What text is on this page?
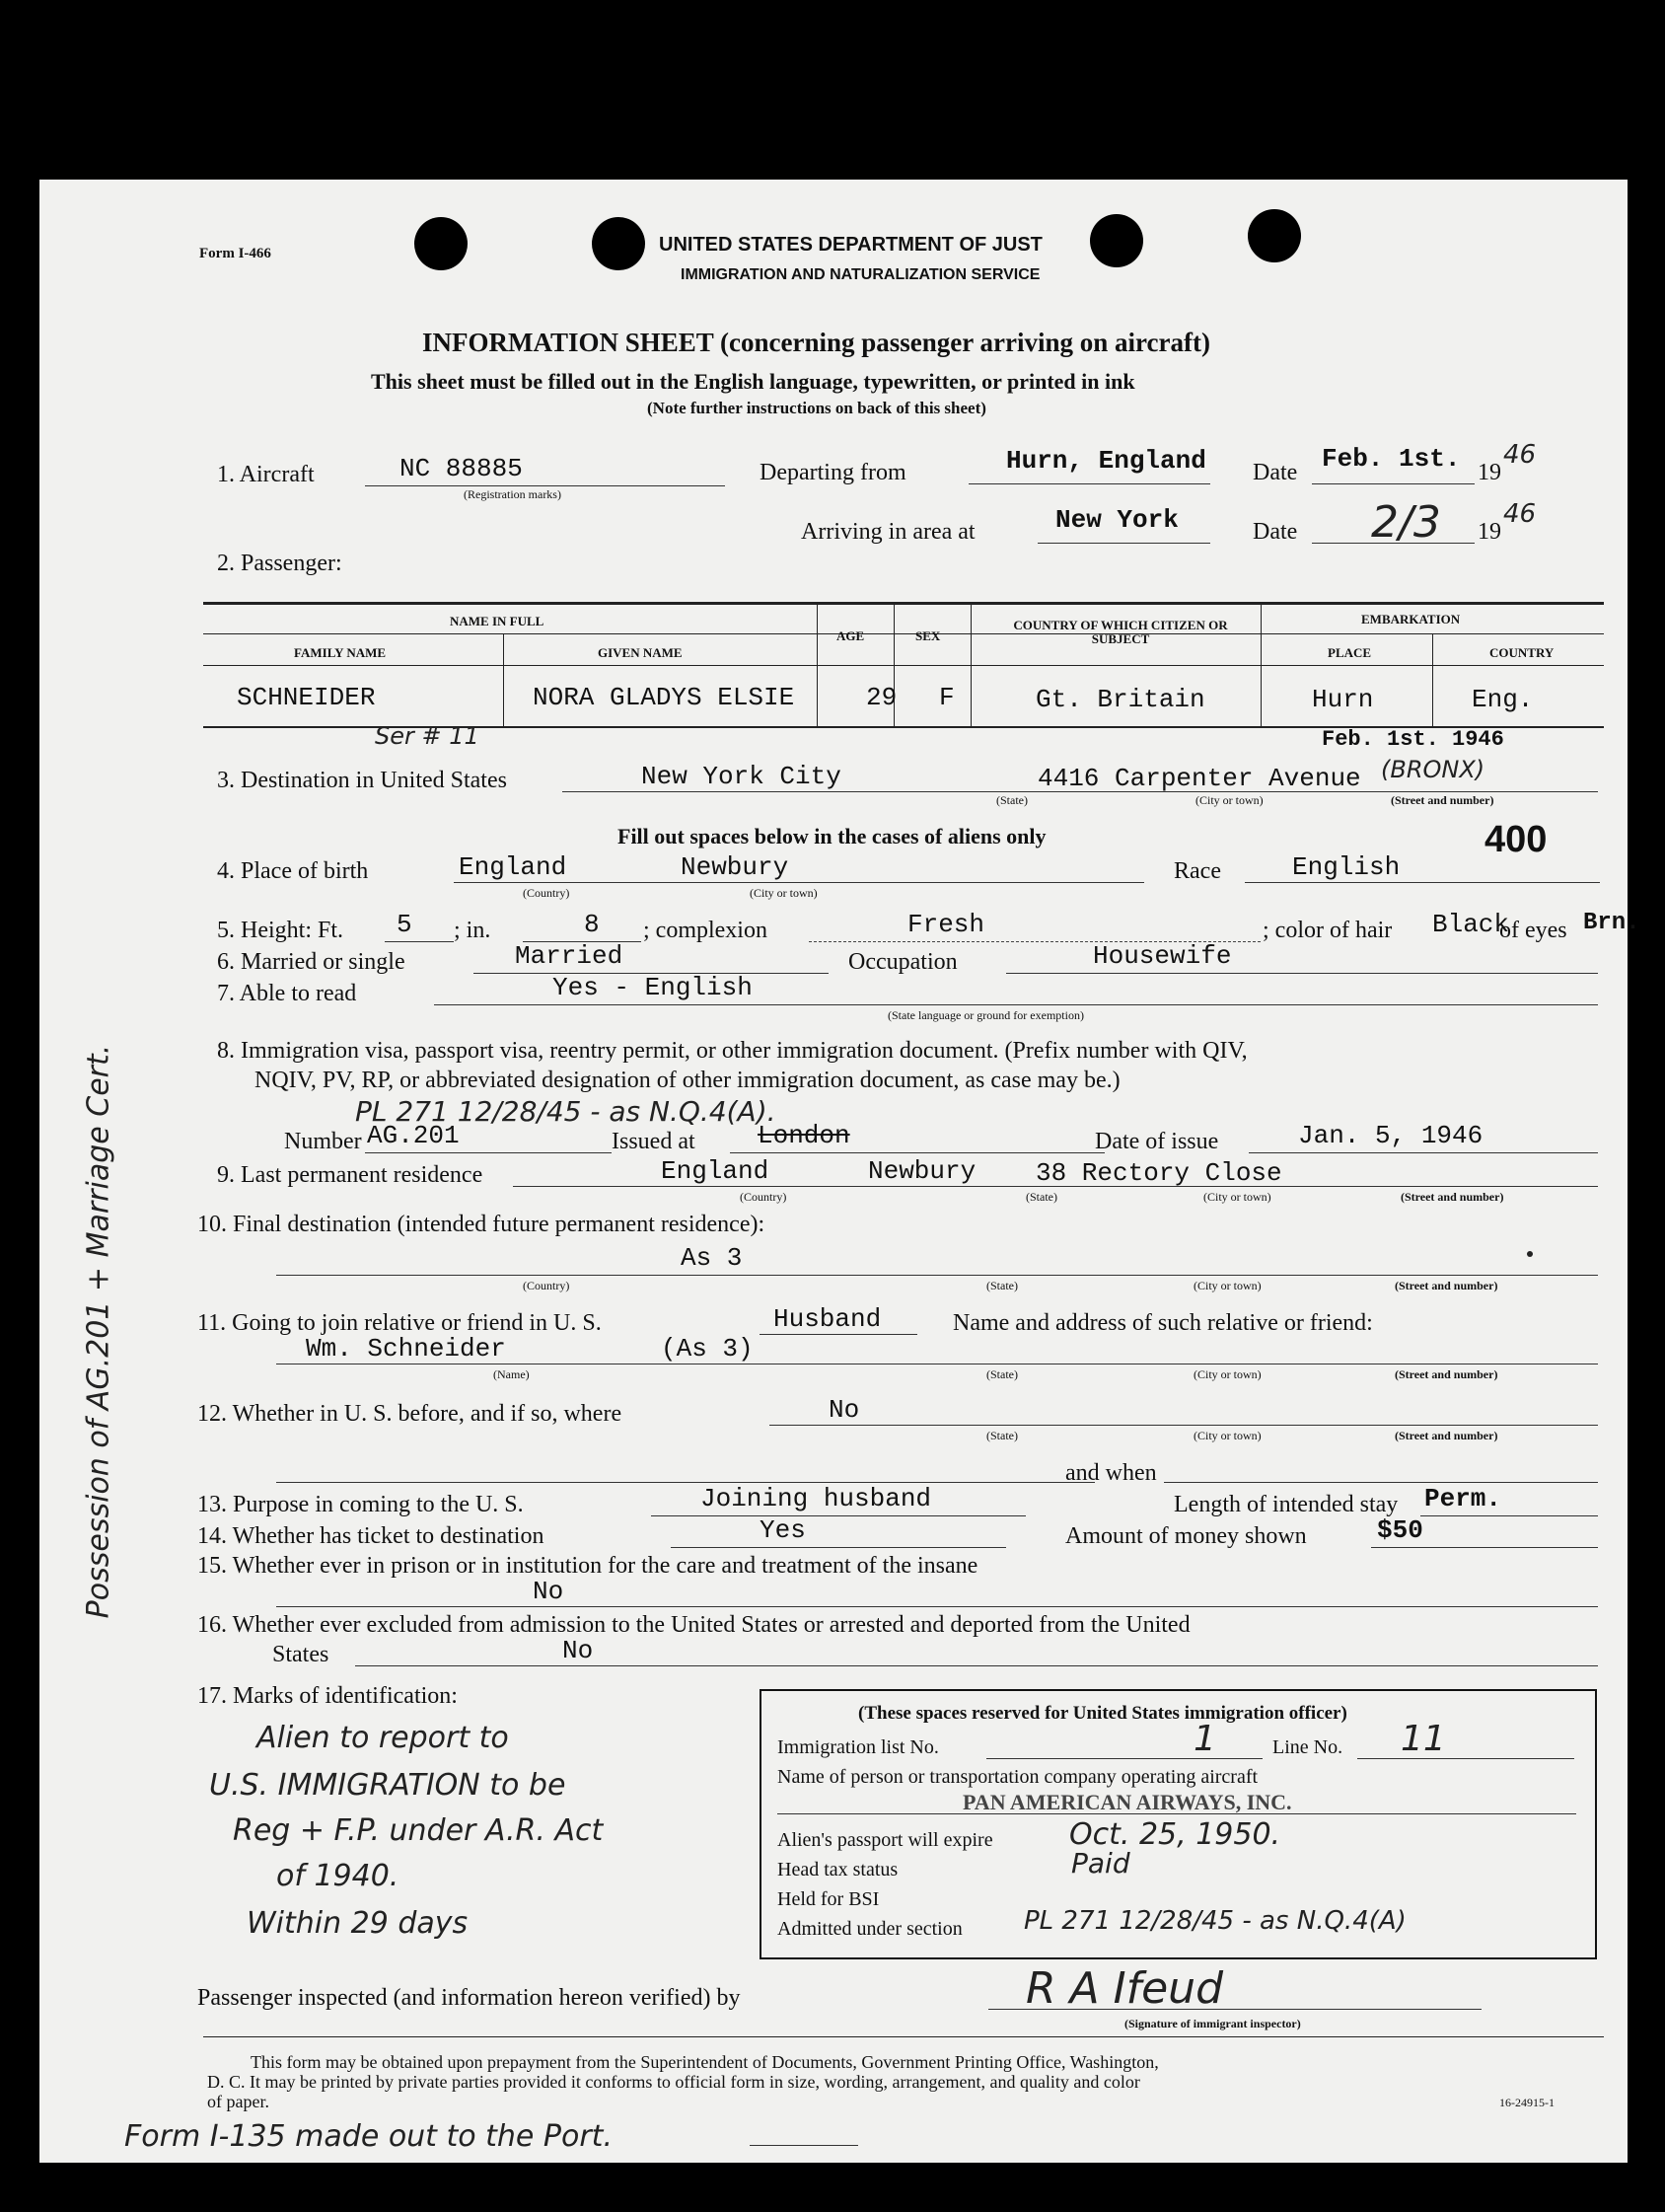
Form I-466	UNITED STATES DEPARTMENT OF JUST
IMMIGRATION AND NATURALIZATION SERVICE
INFORMATION SHEET (concerning passenger arriving on aircraft)
This sheet must be filled out in the English language, typewritten, or printed in ink
(Note further instructions on back of this sheet)
1. Aircraft	NC 88885
(Registration marks)
Departing from	Hurn, England Date Feb. 1st. 19
46
Arriving in area at	New York	Date 2/3 19
46
2. Passenger:
NAME IN FULL
FAMILY NAME	GIVEN NAME
AGE	SEX
COUNTRY OF WHICH CITIZEN OR SUBJECT
EMBARKATION
PLACE	COUNTRY
SCHNEIDER	NORA GLADYS ELSIE	29 F	Gt. Britain	Hurn	Eng.
Feb. 1st. 1946
Ser # 11
3. Destination in United States	New York City	4416 Carpenter Avenue (BRONX)
(State)	(City or town)	(Street and number)
Fill out spaces below in the cases of aliens only	400
4. Place of birth	England	Newbury
(Country)	(City or town)
Race	English
5. Height: Ft. 5 ; in.	8 ; complexion	Fresh	; color of hair Black
of eyes Brn.
6. Married or single	Married	Occupation	Housewife
7. Able to read	Yes - English
(State language or ground for exemption)
8. Immigration visa, passport visa, reentry permit, or other immigration document. (Prefix number with QIV,
NQIV, PV, RP, or abbreviated designation of other immigration document, as case may be.)
PL 271 12/28/45 - as N.Q.4(A).
Number AG.201	Issued at London	Date of issue	Jan. 5, 1946
9. Last permanent residence	England	Newbury 38 Rectory Close
(Country)	(State)	(City or town)	(Street and number)
10. Final destination (intended future permanent residence):
As 3
(Country)	(State)	(City or town)	(Street and number)
11. Going to join relative or friend in U. S.	Husband	Name and address of such relative or friend:
Wm. Schneider	(As 3)
(Name)	(State)	(City or town)	(Street and number)
12. Whether in U. S. before, and if so, where	No
(State)	(City or town)	(Street and number)
and when
13. Purpose in coming to the U. S.	Joining husband	Length of intended stay Perm.
14. Whether has ticket to destination	Yes	Amount of money shown	$50
15. Whether ever in prison or in institution for the care and treatment of the insane
No
16. Whether ever excluded from admission to the United States or arrested and deported from the United
States	No
17. Marks of identification:
Alien to report to
U.S. IMMIGRATION to be
Reg + F.P. under A.R. Act
of 1940.
Within 29 days
(These spaces reserved for United States immigration officer)
Immigration list No.	1	Line No. 11
Name of person or transportation company operating aircraft
PAN AMERICAN AIRWAYS, INC.
Alien's passport will expire	Oct. 25, 1950.
Head tax status	Paid
Held for BSI
Admitted under section PL 271 12/28/45 - as N.Q.4(A)
Passenger inspected (and information hereon verified) by	R A Ifeud
(Signature of immigrant inspector)
This form may be obtained upon prepayment from the Superintendent of Documents, Government Printing Office, Washington,
D. C. It may be printed by private parties provided it conforms to official form in size, wording, arrangement, and quality and color
of paper.	16-24915-1
Form I-135 made out to the Port.
Possession of AG.201 + Marriage Cert.
